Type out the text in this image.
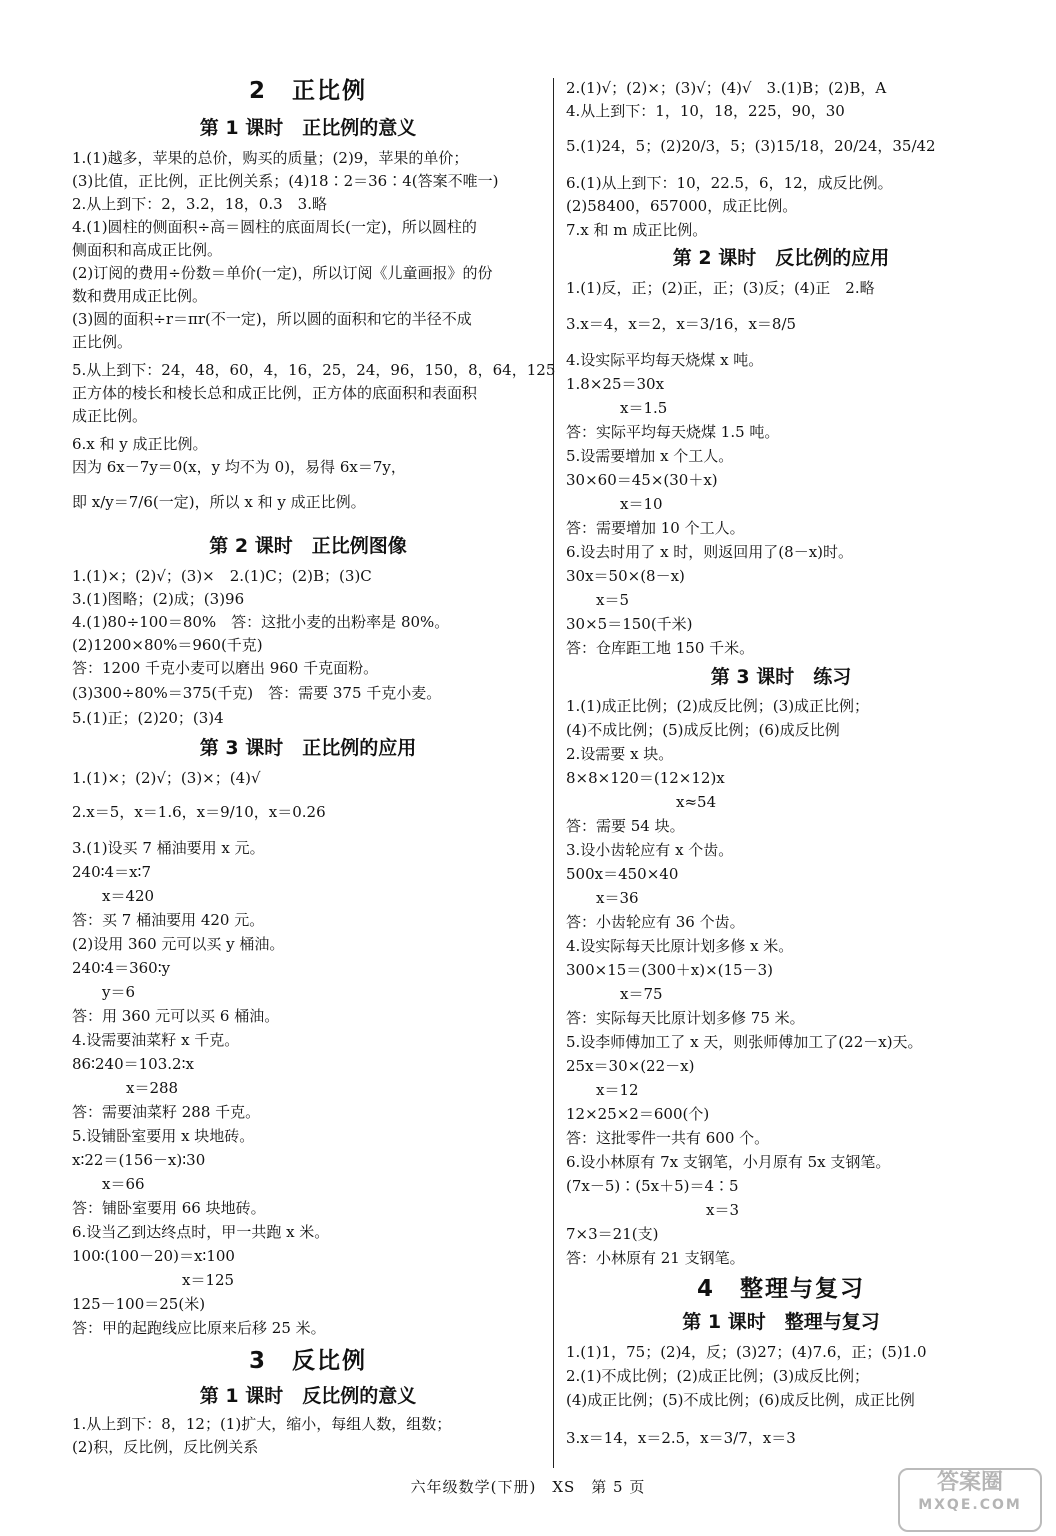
2　正比例
第 1 课时　正比例的意义
1.(1)越多，苹果的总价，购买的质量；(2)9，苹果的单价；
(3)比值，正比例，正比例关系；(4)18∶2＝36∶4(答案不唯一)
2.从上到下：2，3.2，18，0.3　3.略
4.(1)圆柱的侧面积÷高＝圆柱的底面周长(一定)，所以圆柱的
侧面积和高成正比例。
(2)订阅的费用÷份数＝单价(一定)，所以订阅《儿童画报》的份
数和费用成正比例。
(3)圆的面积÷r＝πr(不一定)，所以圆的面积和它的半径不成
正比例。
5.从上到下：24，48，60，4，16，25，24，96，150，8，64，125
正方体的棱长和棱长总和成正比例，正方体的底面积和表面积
成正比例。
6.x 和 y 成正比例。
因为 6x－7y＝0(x，y 均不为 0)，易得 6x＝7y，
即 x/y＝7/6(一定)，所以 x 和 y 成正比例。
第 2 课时　正比例图像
1.(1)×；(2)√；(3)×　2.(1)C；(2)B；(3)C
3.(1)图略；(2)成；(3)96
4.(1)80÷100＝80%　答：这批小麦的出粉率是 80%。
(2)1200×80%＝960(千克)
答：1200 千克小麦可以磨出 960 千克面粉。
(3)300÷80%＝375(千克)　答：需要 375 千克小麦。
5.(1)正；(2)20；(3)4
第 3 课时　正比例的应用
1.(1)×；(2)√；(3)×；(4)√
2.x＝5，x＝1.6，x＝9/10，x＝0.26
3.(1)设买 7 桶油要用 x 元。
240∶4＝x∶7
x＝420
答：买 7 桶油要用 420 元。
(2)设用 360 元可以买 y 桶油。
240∶4＝360∶y
y＝6
答：用 360 元可以买 6 桶油。
4.设需要油菜籽 x 千克。
86∶240＝103.2∶x
x＝288
答：需要油菜籽 288 千克。
5.设铺卧室要用 x 块地砖。
x∶22＝(156－x)∶30
x＝66
答：铺卧室要用 66 块地砖。
6.设当乙到达终点时，甲一共跑 x 米。
100∶(100－20)＝x∶100
x＝125
125－100＝25(米)
答：甲的起跑线应比原来后移 25 米。
3　反比例
第 1 课时　反比例的意义
1.从上到下：8，12；(1)扩大，缩小，每组人数，组数；
(2)积，反比例，反比例关系
2.(1)√；(2)×；(3)√；(4)√　3.(1)B；(2)B，A
4.从上到下：1，10，18，225，90，30
5.(1)24，5；(2)20/3，5；(3)15/18，20/24，35/42
6.(1)从上到下：10，22.5，6，12，成反比例。
(2)58400，657000，成正比例。
7.x 和 m 成正比例。
第 2 课时　反比例的应用
1.(1)反，正；(2)正，正；(3)反；(4)正　2.略
3.x＝4，x＝2，x＝3/16，x＝8/5
4.设实际平均每天烧煤 x 吨。
1.8×25＝30x
x＝1.5
答：实际平均每天烧煤 1.5 吨。
5.设需要增加 x 个工人。
30×60＝45×(30＋x)
x＝10
答：需要增加 10 个工人。
6.设去时用了 x 时，则返回用了(8－x)时。
30x＝50×(8－x)
x＝5
30×5＝150(千米)
答：仓库距工地 150 千米。
第 3 课时　练习
1.(1)成正比例；(2)成反比例；(3)成正比例；
(4)不成比例；(5)成反比例；(6)成反比例
2.设需要 x 块。
8×8×120＝(12×12)x
x≈54
答：需要 54 块。
3.设小齿轮应有 x 个齿。
500x＝450×40
x＝36
答：小齿轮应有 36 个齿。
4.设实际每天比原计划多修 x 米。
300×15＝(300＋x)×(15－3)
x＝75
答：实际每天比原计划多修 75 米。
5.设李师傅加工了 x 天，则张师傅加工了(22－x)天。
25x＝30×(22－x)
x＝12
12×25×2＝600(个)
答：这批零件一共有 600 个。
6.设小林原有 7x 支钢笔，小月原有 5x 支钢笔。
(7x－5)∶(5x＋5)＝4∶5
x＝3
7×3＝21(支)
答：小林原有 21 支钢笔。
4　整理与复习
第 1 课时　整理与复习
1.(1)1，75；(2)4，反；(3)27；(4)7.6，正；(5)1.0
2.(1)不成比例；(2)成正比例；(3)成反比例；
(4)成正比例；(5)不成比例；(6)成反比例，成正比例
3.x＝14，x＝2.5，x＝3/7，x＝3
六年级数学(下册)　XS　第 5 页	答案圈
MXQE.COM
